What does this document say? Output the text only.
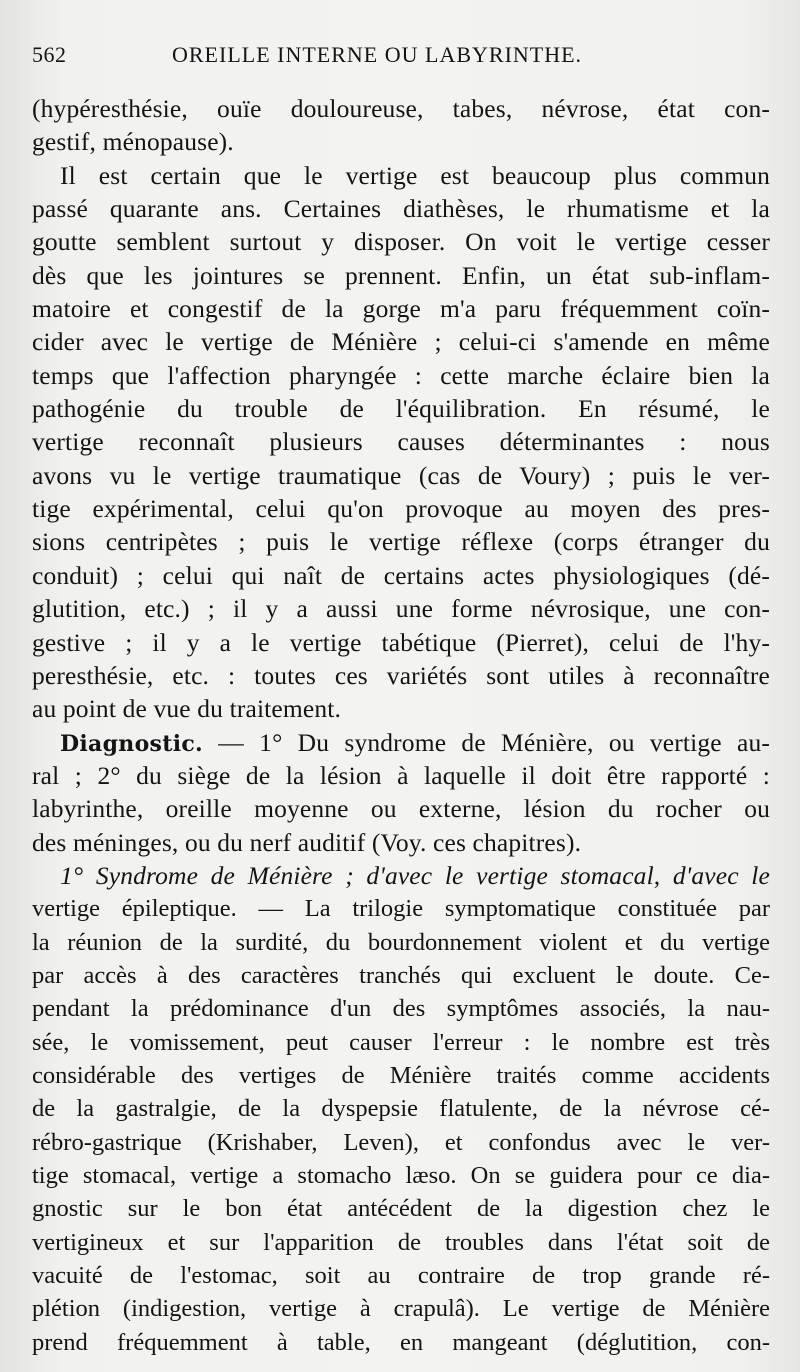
562	OREILLE INTERNE OU LABYRINTHE.
(hypéresthésie, ouïe douloureuse, tabes, névrose, état con-
gestif, ménopause).
Il est certain que le vertige est beaucoup plus commun
passé quarante ans. Certaines diathèses, le rhumatisme et la
goutte semblent surtout y disposer. On voit le vertige cesser
dès que les jointures se prennent. Enfin, un état sub-inflam-
matoire et congestif de la gorge m'a paru fréquemment coïn-
cider avec le vertige de Ménière ; celui-ci s'amende en même
temps que l'affection pharyngée : cette marche éclaire bien la
pathogénie du trouble de l'équilibration. En résumé, le
vertige reconnaît plusieurs causes déterminantes : nous
avons vu le vertige traumatique (cas de Voury) ; puis le ver-
tige expérimental, celui qu'on provoque au moyen des pres-
sions centripètes ; puis le vertige réflexe (corps étranger du
conduit) ; celui qui naît de certains actes physiologiques (dé-
glutition, etc.) ; il y a aussi une forme névrosique, une con-
gestive ; il y a le vertige tabétique (Pierret), celui de l'hy-
peresthésie, etc. : toutes ces variétés sont utiles à reconnaître
au point de vue du traitement.
Diagnostic. — 1° Du syndrome de Ménière, ou vertige au-
ral ; 2° du siège de la lésion à laquelle il doit être rapporté :
labyrinthe, oreille moyenne ou externe, lésion du rocher ou
des méninges, ou du nerf auditif (Voy. ces chapitres).
1° Syndrome de Ménière ; d'avec le vertige stomacal, d'avec le
vertige épileptique. — La trilogie symptomatique constituée par
la réunion de la surdité, du bourdonnement violent et du vertige
par accès à des caractères tranchés qui excluent le doute. Ce-
pendant la prédominance d'un des symptômes associés, la nau-
sée, le vomissement, peut causer l'erreur : le nombre est très
considérable des vertiges de Ménière traités comme accidents
de la gastralgie, de la dyspepsie flatulente, de la névrose cé-
rébro-gastrique (Krishaber, Leven), et confondus avec le ver-
tige stomacal, vertige a stomacho læso. On se guidera pour ce dia-
gnostic sur le bon état antécédent de la digestion chez le
vertigineux et sur l'apparition de troubles dans l'état soit de
vacuité de l'estomac, soit au contraire de trop grande ré-
plétion (indigestion, vertige à crapulâ). Le vertige de Ménière
prend fréquemment à table, en mangeant (déglutition, con-
